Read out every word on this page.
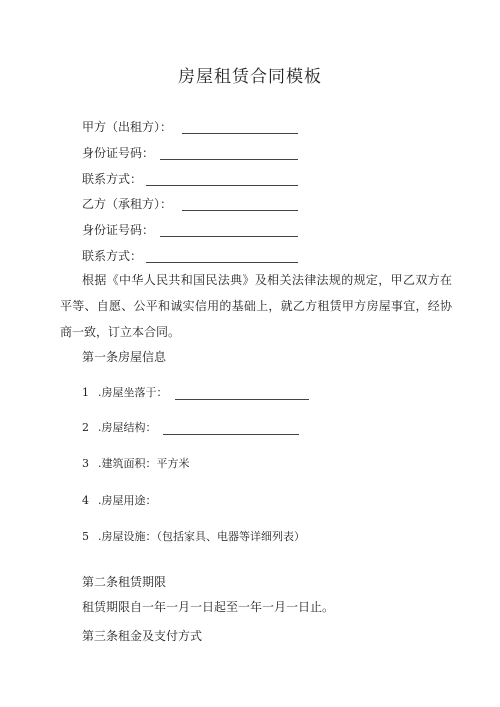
房屋租赁合同模板
甲方（出租方）：
身份证号码：
联系方式：
乙方（承租方）：
身份证号码：
联系方式：
根据《中华人民共和国民法典》及相关法律法规的规定，甲乙双方在平等、自愿、公平和诚实信用的基础上，就乙方租赁甲方房屋事宜，经协商一致，订立本合同。
第一条房屋信息
1 .房屋坐落于：
2 .房屋结构：
3 .建筑面积：平方米
4 .房屋用途：
5 .房屋设施：（包括家具、电器等详细列表）
第二条租赁期限
租赁期限自一年一月一日起至一年一月一日止。
第三条租金及支付方式
